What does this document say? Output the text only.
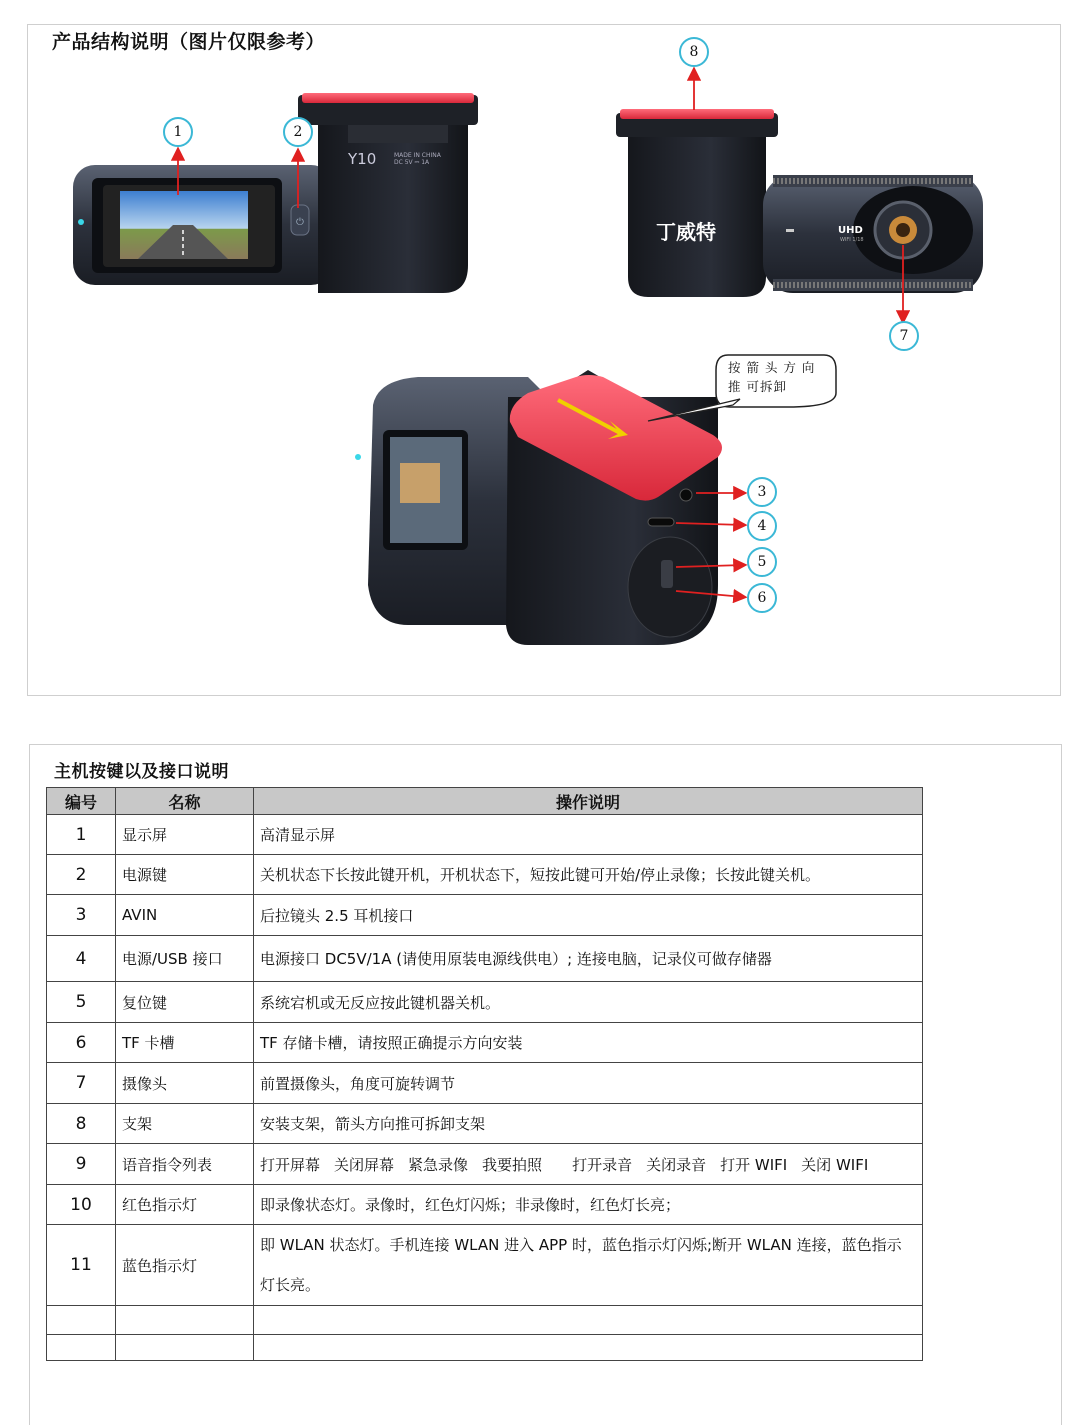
产品结构说明（图片仅限参考）
⏻
Y10	MADE IN CHINA
DC 5V ⎓ 1A
丁威特	UHD
WIFI 1/18
按 箭 头 方 向 推 可拆卸
1	2
3
4
5
6
7
8
主机按键以及接口说明
编号	名称	操作说明
1	显示屏	高清显示屏
2	电源键	关机状态下长按此键开机，开机状态下，短按此键可开始/停止录像；长按此键关机。
3	AVIN	后拉镜头 2.5 耳机接口
4	电源/USB 接口	电源接口 DC5V/1A (请使用原装电源线供电）; 连接电脑，记录仪可做存储器
5	复位键	系统宕机或无反应按此键机器关机。
6	TF 卡槽	TF 存储卡槽，请按照正确提示方向安装
7	摄像头	前置摄像头，角度可旋转调节
8	支架	安装支架，箭头方向推可拆卸支架
9	语音指令列表	打开屏幕 关闭屏幕 紧急录像 我要拍照 打开录音 关闭录音 打开 WIFI 关闭 WIFI
10	红色指示灯	即录像状态灯。录像时，红色灯闪烁；非录像时，红色灯长亮；
11	蓝色指示灯	即 WLAN 状态灯。手机连接 WLAN 进入 APP 时，蓝色指示灯闪烁;断开 WLAN 连接，蓝色指示灯长亮。
